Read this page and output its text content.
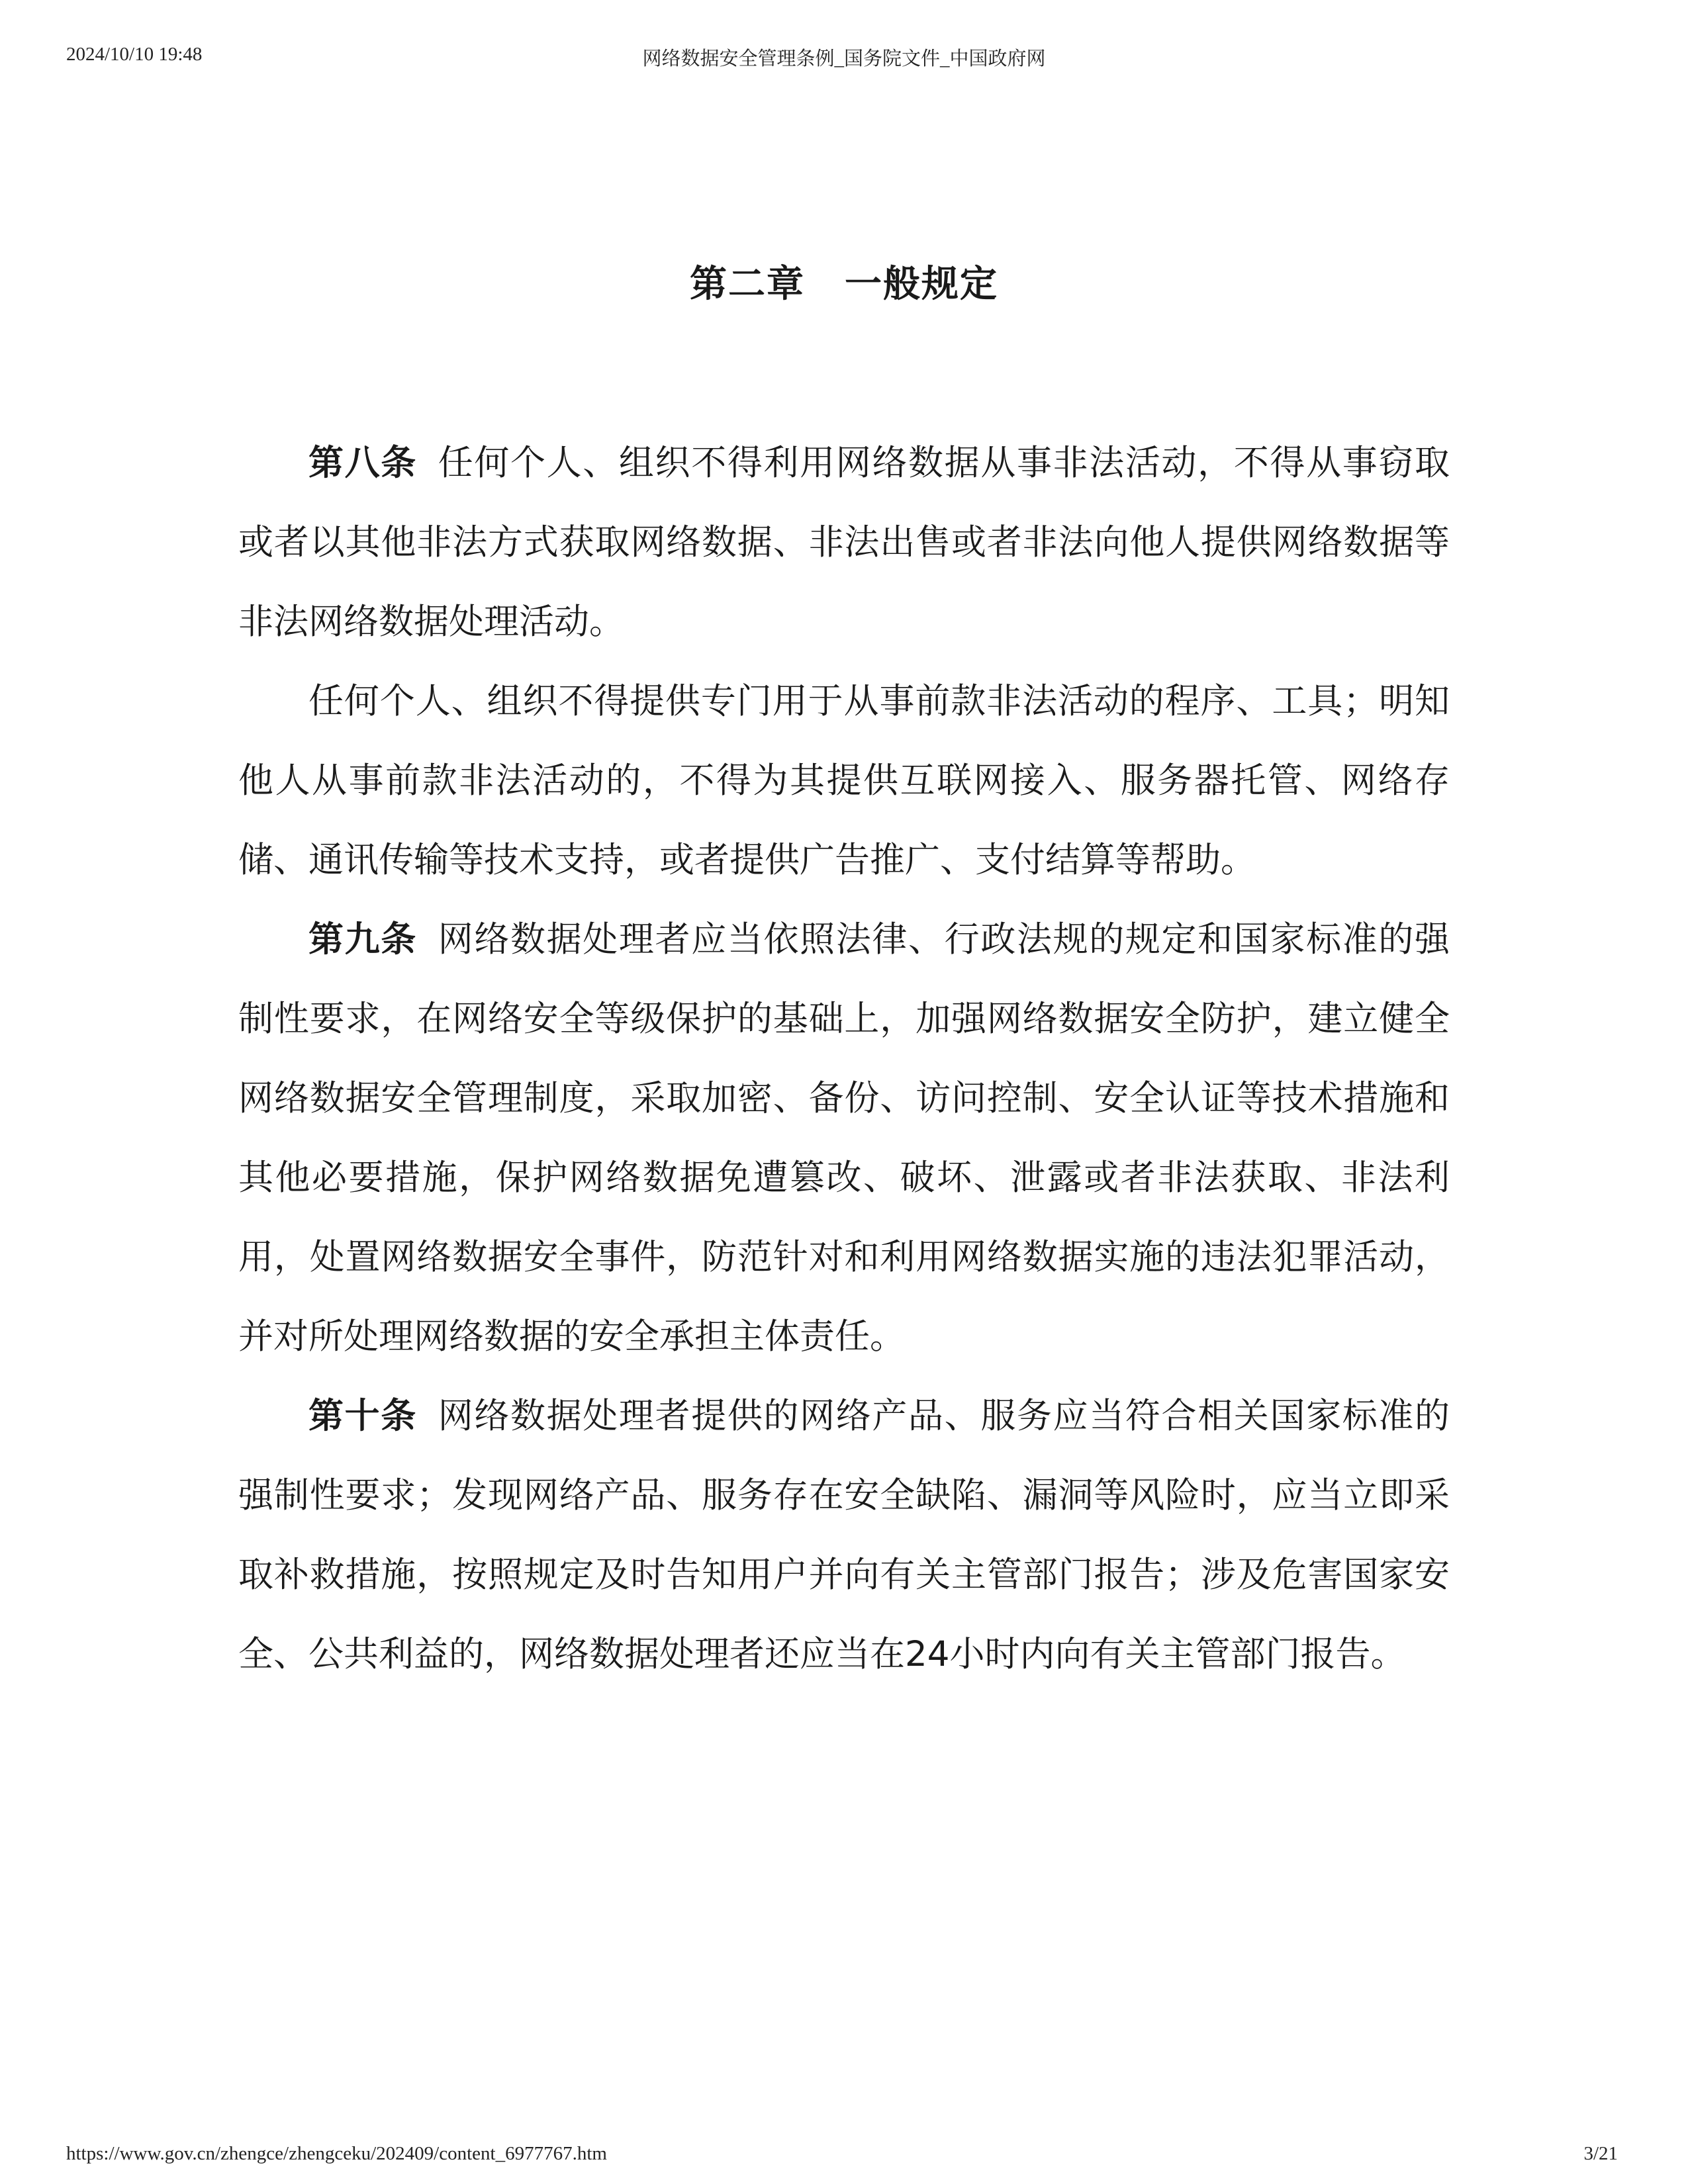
2024/10/10 19:48	网络数据安全管理条例_国务院文件_中国政府网
第二章 一般规定

第八条 任何个人、组织不得利用网络数据从事非法活动，不得从事窃取或者以其他非法方式获取网络数据、非法出售或者非法向他人提供网络数据等非法网络数据处理活动。

任何个人、组织不得提供专门用于从事前款非法活动的程序、工具；明知他人从事前款非法活动的，不得为其提供互联网接入、服务器托管、网络存储、通讯传输等技术支持，或者提供广告推广、支付结算等帮助。

第九条 网络数据处理者应当依照法律、行政法规的规定和国家标准的强制性要求，在网络安全等级保护的基础上，加强网络数据安全防护，建立健全网络数据安全管理制度，采取加密、备份、访问控制、安全认证等技术措施和其他必要措施，保护网络数据免遭篡改、破坏、泄露或者非法获取、非法利用，处置网络数据安全事件，防范针对和利用网络数据实施的违法犯罪活动，并对所处理网络数据的安全承担主体责任。

第十条 网络数据处理者提供的网络产品、服务应当符合相关国家标准的强制性要求；发现网络产品、服务存在安全缺陷、漏洞等风险时，应当立即采取补救措施，按照规定及时告知用户并向有关主管部门报告；涉及危害国家安全、公共利益的，网络数据处理者还应当在24小时内向有关主管部门报告。

https://www.gov.cn/zhengce/zhengceku/202409/content_6977767.htm	3/21
